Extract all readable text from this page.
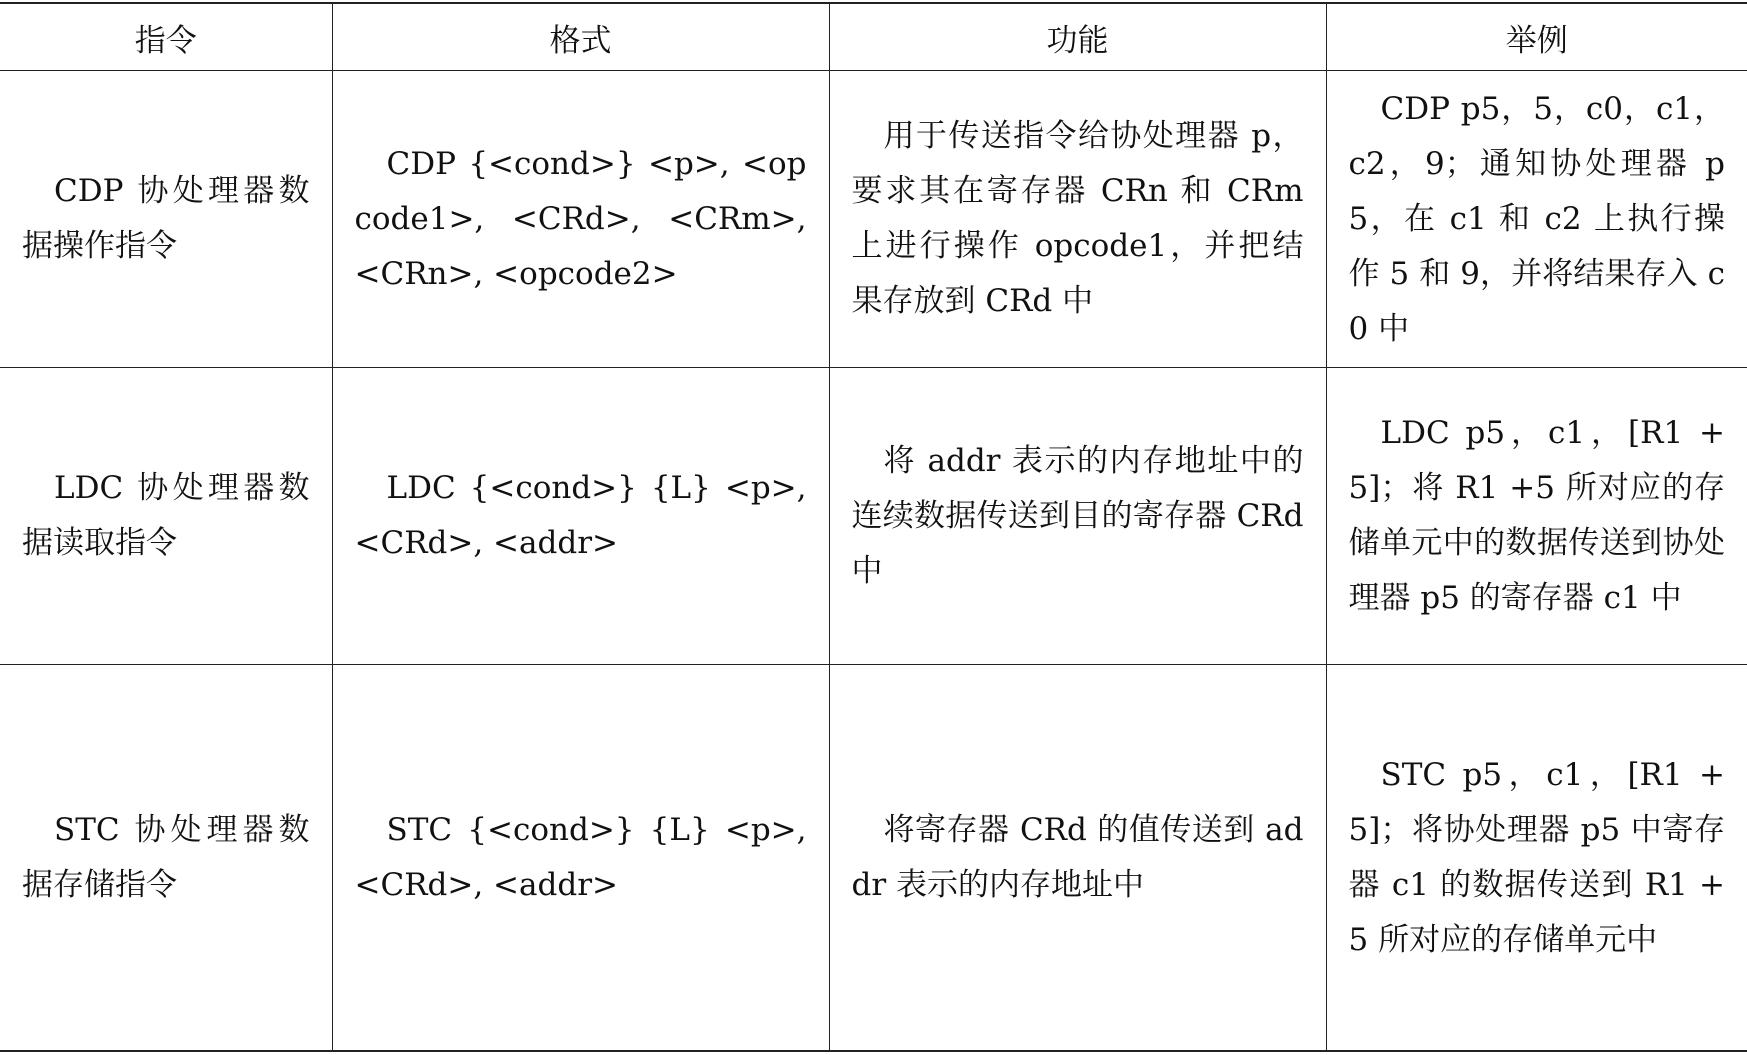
指令	格式	功能	举例

CDP 协处理器数据操作指令	CDP {<cond>} <p>, <opcode1>, <CRd>, <CRm>, <CRn>, <opcode2>	用于传送指令给协处理器 p，要求其在寄存器 CRn 和 CRm 上进行操作 opcode1，并把结果存放到 CRd 中	CDP p5，5，c0，c1，c2，9；通知协处理器 p5，在 c1 和 c2 上执行操作 5 和 9，并将结果存入 c0 中

LDC 协处理器数据读取指令	LDC {<cond>} {L} <p>, <CRd>, <addr>	将 addr 表示的内存地址中的连续数据传送到目的寄存器 CRd 中	LDC p5，c1，[R1 +5]；将 R1 +5 所对应的存储单元中的数据传送到协处理器 p5 的寄存器 c1 中

STC 协处理器数据存储指令	STC {<cond>} {L} <p>, <CRd>, <addr>	将寄存器 CRd 的值传送到 addr 表示的内存地址中	STC p5，c1，[R1 +5]；将协处理器 p5 中寄存器 c1 的数据传送到 R1 +5 所对应的存储单元中
